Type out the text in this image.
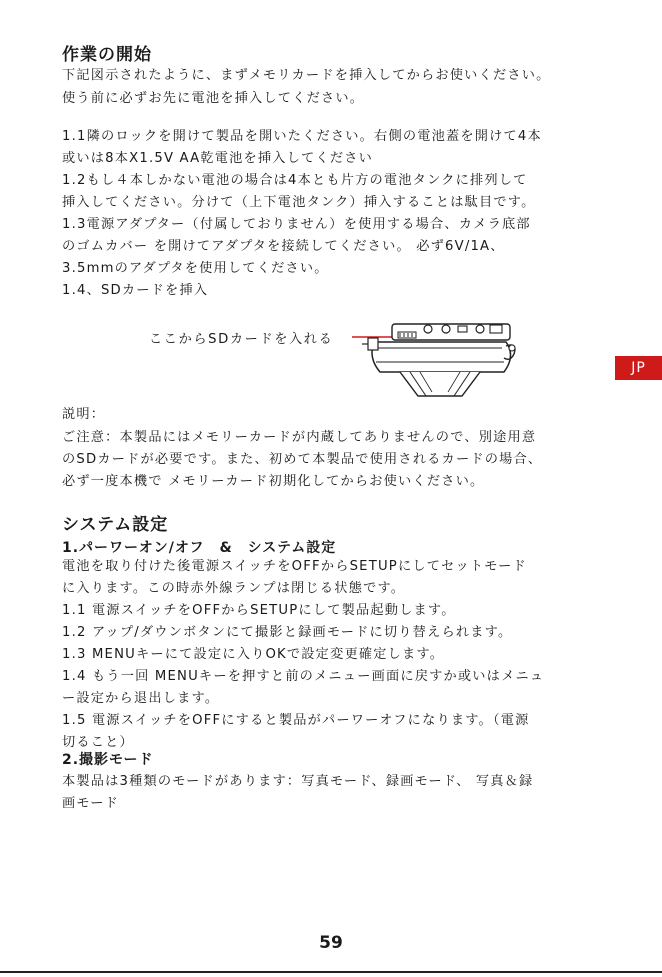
作業の開始
下記図示されたように、まずメモリカードを挿入してからお使いください。
使う前に必ずお先に電池を挿入してください。
1.1隣のロックを開けて製品を開いたください。右側の電池蓋を開けて4本
或いは8本X1.5V AA乾電池を挿入してください
1.2もし４本しかない電池の場合は4本とも片方の電池タンクに排列して
挿入してください。分けて（上下電池タンク）挿入することは駄目です。
1.3電源アダプター（付属しておりません）を使用する場合、カメラ底部
のゴムカバー を開けてアダプタを接続してください。 必ず6V/1A、
3.5mmのアダプタを使用してください。
1.4、SDカードを挿入
ここからSDカードを入れる
JP
説明：
ご注意：本製品にはメモリーカードが内蔵してありませんので、別途用意
のSDカードが必要です。また、初めて本製品で使用されるカードの場合、
必ず一度本機で メモリーカード初期化してからお使いください。
システム設定
1.パーワーオン/オフ　&　システム設定
電池を取り付けた後電源スイッチをOFFからSETUPにしてセットモード
に入ります。この時赤外線ランプは閉じる状態です。
1.1 電源スイッチをOFFからSETUPにして製品起動します。
1.2 アップ/ダウンボタンにて撮影と録画モードに切り替えられます。
1.3 MENUキーにて設定に入りOKで設定変更確定します。
1.4 もう一回 MENUキーを押すと前のメニュー画面に戻すか或いはメニュ
ー設定から退出します。
1.5 電源スイッチをOFFにすると製品がパーワーオフになります。（電源
切ること）
2.撮影モード
本製品は3種類のモードがあります：写真モード、録画モード、 写真＆録
画モード
59
